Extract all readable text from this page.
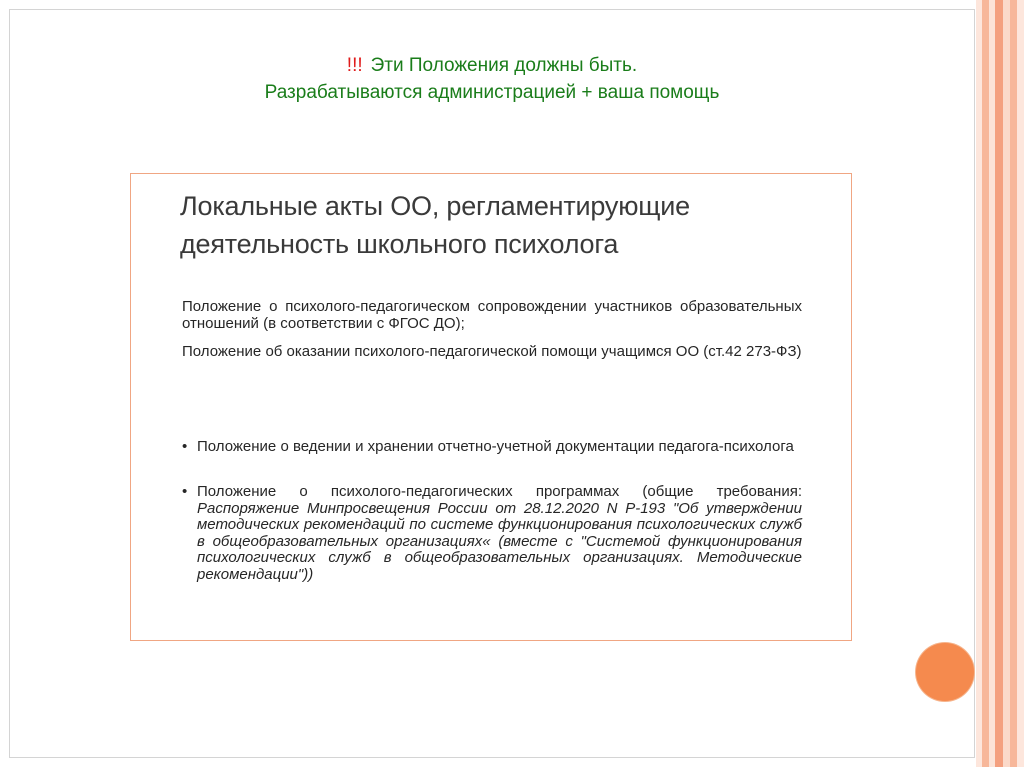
!!! Эти Положения должны быть.
Разрабатываются администрацией + ваша помощь
Локальные акты ОО, регламентирующие деятельность школьного психолога
Положение о психолого-педагогическом сопровождении участников образовательных отношений (в соответствии с ФГОС ДО);
Положение об оказании психолого-педагогической помощи учащимся ОО (ст.42 273-ФЗ)
• Положение о ведении и хранении отчетно-учетной документации педагога-психолога
• Положение о психолого-педагогических программах (общие требования: Распоряжение Минпросвещения России от 28.12.2020 N Р-193 "Об утверждении методических рекомендаций по системе функционирования психологических служб в общеобразовательных организациях« (вместе с "Системой функционирования психологических служб в общеобразовательных организациях. Методические рекомендации"))
